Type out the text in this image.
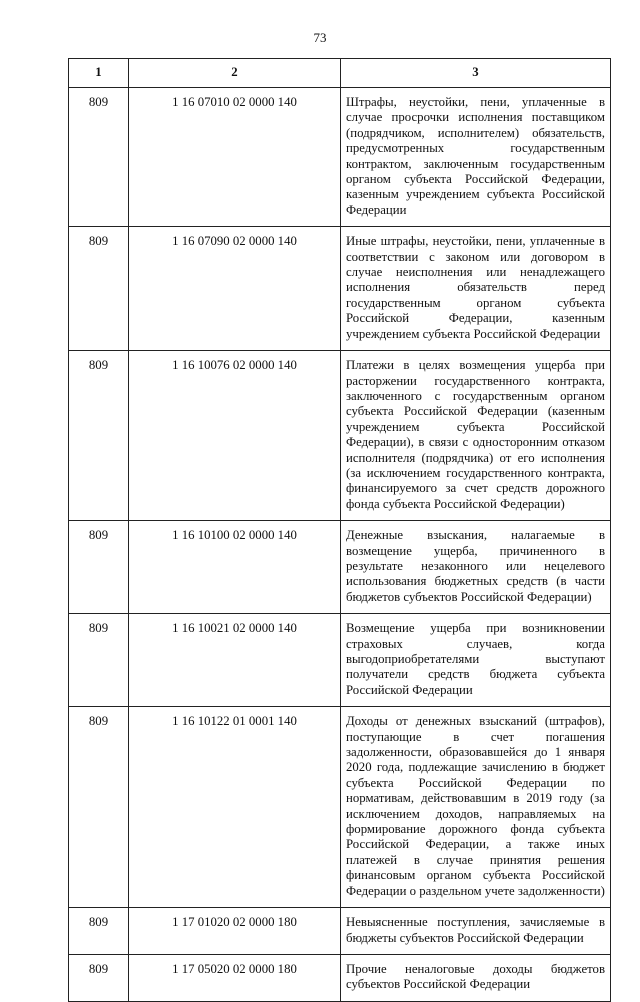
73
1	2	3
809	1 16 07010 02 0000 140	Штрафы, неустойки, пени, уплаченные в случае просрочки исполнения поставщиком (подрядчиком, исполнителем) обязательств, предусмотренных государственным контрактом, заключенным государственным органом субъекта Российской Федерации, казенным учреждением субъекта Российской Федерации
809	1 16 07090 02 0000 140	Иные штрафы, неустойки, пени, уплаченные в соответствии с законом или договором в случае неисполнения или ненадлежащего исполнения обязательств перед государственным органом субъекта Российской Федерации, казенным учреждением субъекта Российской Федерации
809	1 16 10076 02 0000 140	Платежи в целях возмещения ущерба при расторжении государственного контракта, заключенного с государственным органом субъекта Российской Федерации (казенным учреждением субъекта Российской Федерации), в связи с односторонним отказом исполнителя (подрядчика) от его исполнения (за исключением государственного контракта, финансируемого за счет средств дорожного фонда субъекта Российской Федерации)
809	1 16 10100 02 0000 140	Денежные взыскания, налагаемые в возмещение ущерба, причиненного в результате незаконного или нецелевого использования бюджетных средств (в части бюджетов субъектов Российской Федерации)
809	1 16 10021 02 0000 140	Возмещение ущерба при возникновении страховых случаев, когда выгодоприобретателями выступают получатели средств бюджета субъекта Российской Федерации
809	1 16 10122 01 0001 140	Доходы от денежных взысканий (штрафов), поступающие в счет погашения задолженности, образовавшейся до 1 января 2020 года, подлежащие зачислению в бюджет субъекта Российской Федерации по нормативам, действовавшим в 2019 году (за исключением доходов, направляемых на формирование дорожного фонда субъекта Российской Федерации, а также иных платежей в случае принятия решения финансовым органом субъекта Российской Федерации о раздельном учете задолженности)
809	1 17 01020 02 0000 180	Невыясненные поступления, зачисляемые в бюджеты субъектов Российской Федерации
809	1 17 05020 02 0000 180	Прочие неналоговые доходы бюджетов субъектов Российской Федерации
